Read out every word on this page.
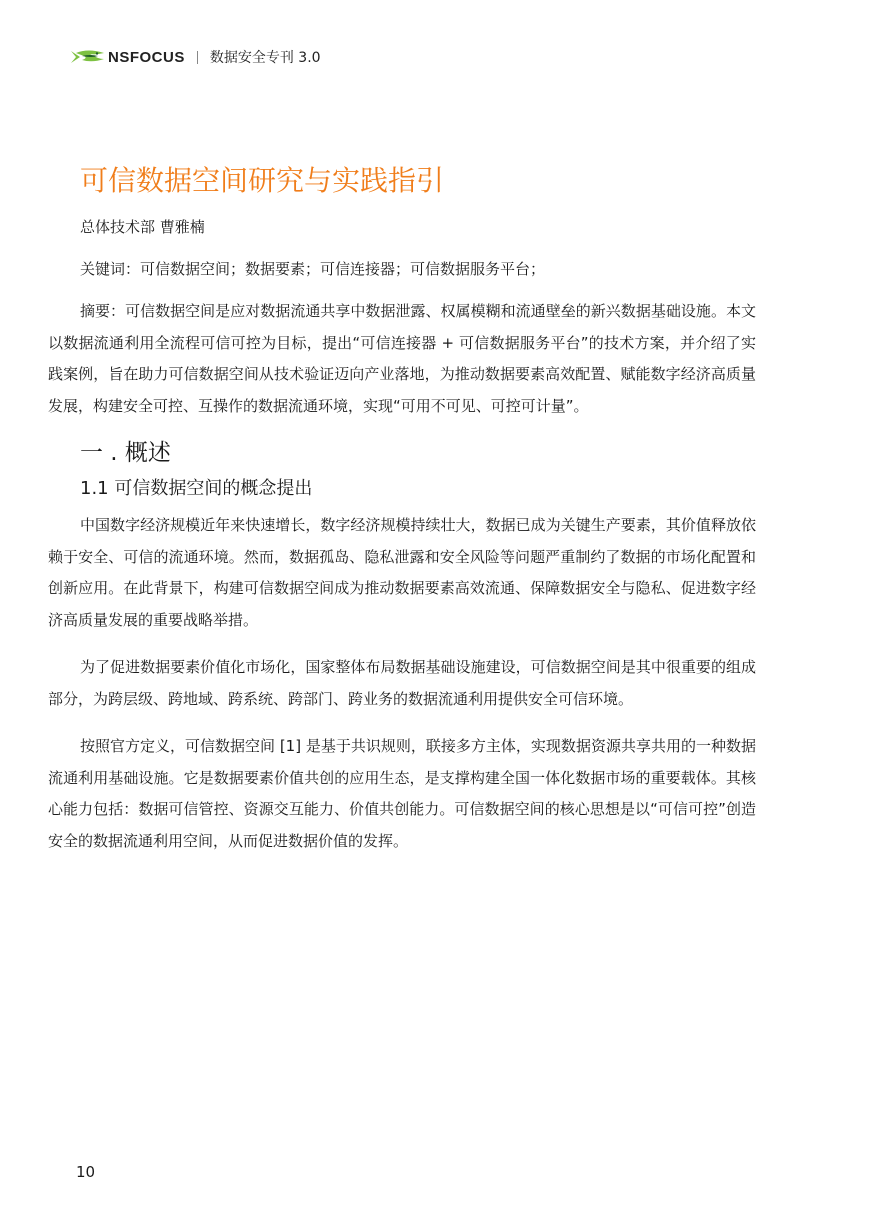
NSFOCUS 数据安全专刊 3.0
可信数据空间研究与实践指引
总体技术部 曹雅楠
关键词：可信数据空间；数据要素；可信连接器；可信数据服务平台；

摘要：可信数据空间是应对数据流通共享中数据泄露、权属模糊和流通壁垒的新兴数据基础设施。本文以数据流通利用全流程可信可控为目标，提出“可信连接器 + 可信数据服务平台”的技术方案，并介绍了实践案例，旨在助力可信数据空间从技术验证迈向产业落地，为推动数据要素高效配置、赋能数字经济高质量发展，构建安全可控、互操作的数据流通环境，实现“可用不可见、可控可计量”。

一 . 概述
1.1 可信数据空间的概念提出

中国数字经济规模近年来快速增长，数字经济规模持续壮大，数据已成为关键生产要素，其价值释放依赖于安全、可信的流通环境。然而，数据孤岛、隐私泄露和安全风险等问题严重制约了数据的市场化配置和创新应用。在此背景下，构建可信数据空间成为推动数据要素高效流通、保障数据安全与隐私、促进数字经济高质量发展的重要战略举措。

为了促进数据要素价值化市场化，国家整体布局数据基础设施建设，可信数据空间是其中很重要的组成部分，为跨层级、跨地域、跨系统、跨部门、跨业务的数据流通利用提供安全可信环境。

按照官方定义，可信数据空间 [1] 是基于共识规则，联接多方主体，实现数据资源共享共用的一种数据流通利用基础设施。它是数据要素价值共创的应用生态，是支撑构建全国一体化数据市场的重要载体。其核心能力包括：数据可信管控、资源交互能力、价值共创能力。可信数据空间的核心思想是以“可信可控”创造安全的数据流通利用空间，从而促进数据价值的发挥。

10
